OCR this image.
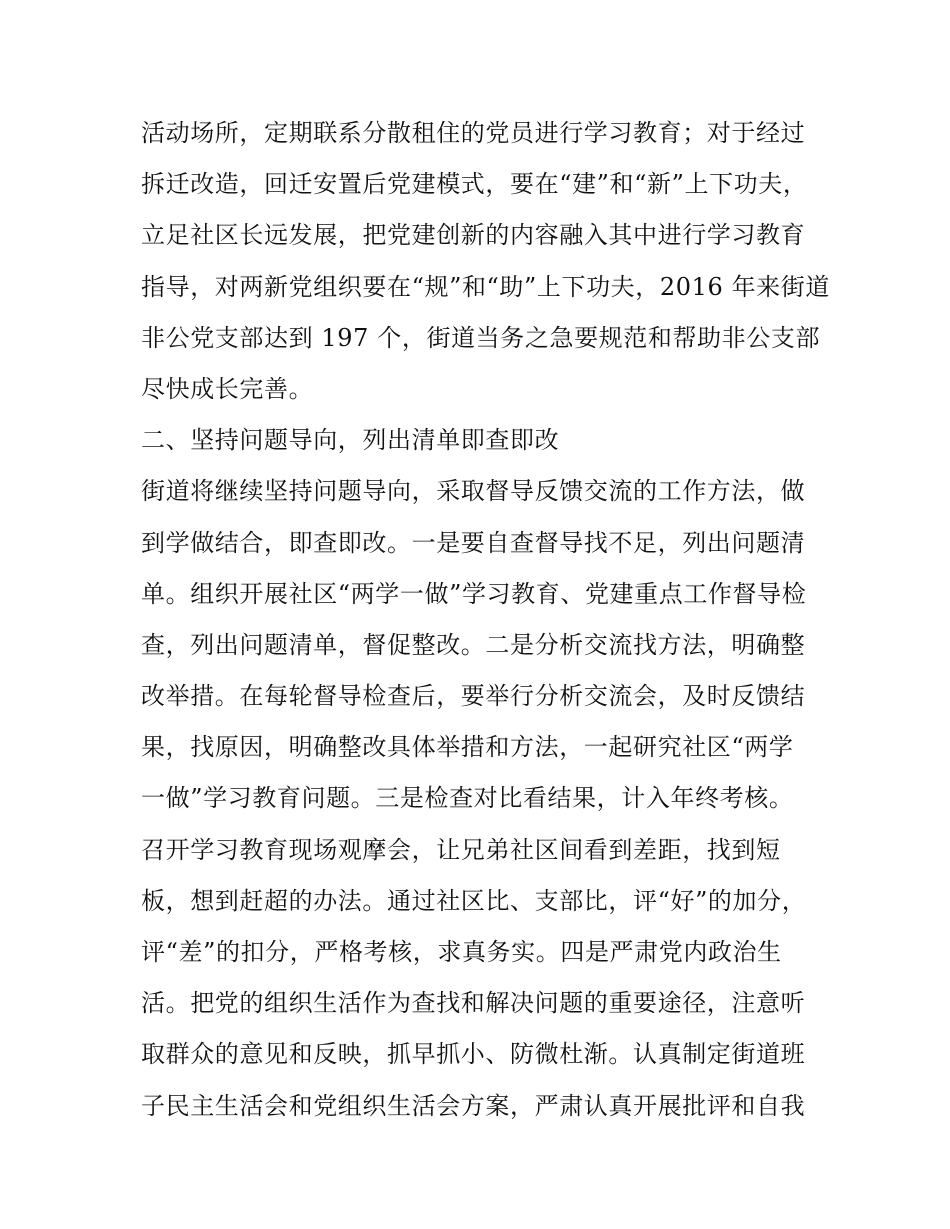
活动场所，定期联系分散租住的党员进行学习教育；对于经过
拆迁改造，回迁安置后党建模式，要在“建”和“新”上下功夫，
立足社区长远发展，把党建创新的内容融入其中进行学习教育
指导，对两新党组织要在“规”和“助”上下功夫，2016 年来街道
非公党支部达到 197 个，街道当务之急要规范和帮助非公支部
尽快成长完善。
二、坚持问题导向，列出清单即查即改
街道将继续坚持问题导向，采取督导反馈交流的工作方法，做
到学做结合，即查即改。一是要自查督导找不足，列出问题清
单。组织开展社区“两学一做”学习教育、党建重点工作督导检
查，列出问题清单，督促整改。二是分析交流找方法，明确整
改举措。在每轮督导检查后，要举行分析交流会，及时反馈结
果，找原因，明确整改具体举措和方法，一起研究社区“两学
一做”学习教育问题。三是检查对比看结果，计入年终考核。
召开学习教育现场观摩会，让兄弟社区间看到差距，找到短
板，想到赶超的办法。通过社区比、支部比，评“好”的加分，
评“差”的扣分，严格考核，求真务实。四是严肃党内政治生
活。把党的组织生活作为查找和解决问题的重要途径，注意听
取群众的意见和反映，抓早抓小、防微杜渐。认真制定街道班
子民主生活会和党组织生活会方案，严肃认真开展批评和自我
